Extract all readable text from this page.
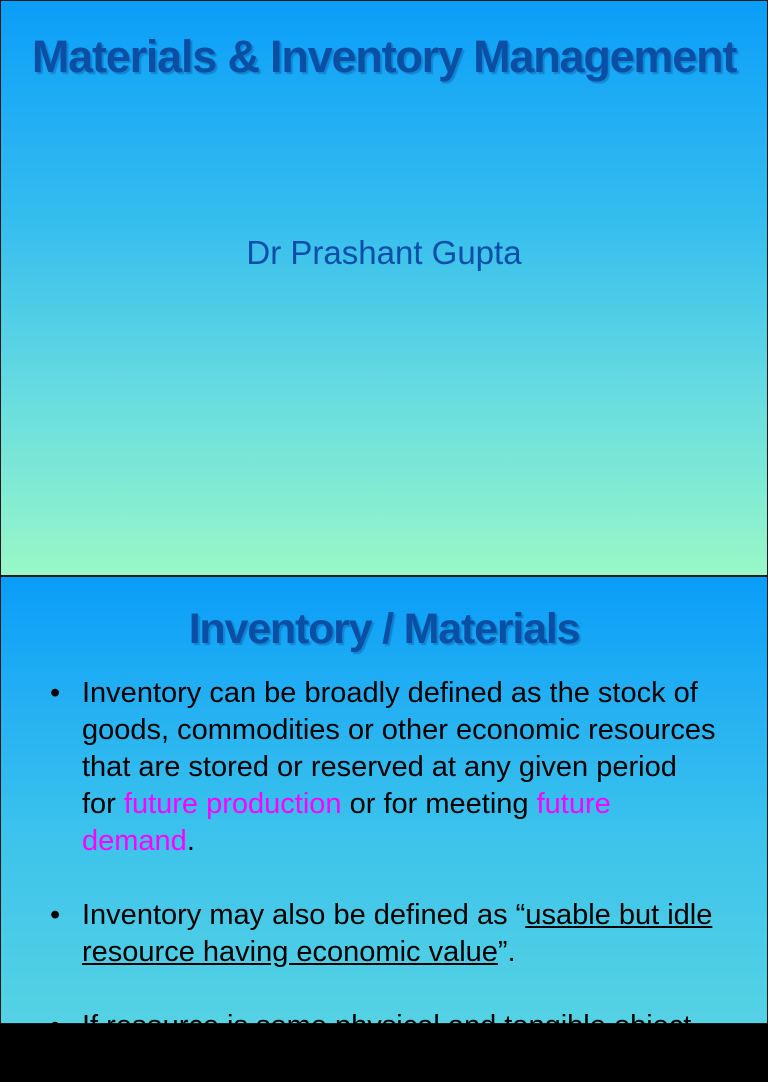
Materials & Inventory Management

Dr Prashant Gupta

Inventory / Materials
• Inventory can be broadly defined as the stock of goods, commodities or other economic resources that are stored or reserved at any given period for future production or for meeting future demand.
• Inventory may also be defined as “usable but idle resource having economic value”.
• If resource is some physical and tangible object
